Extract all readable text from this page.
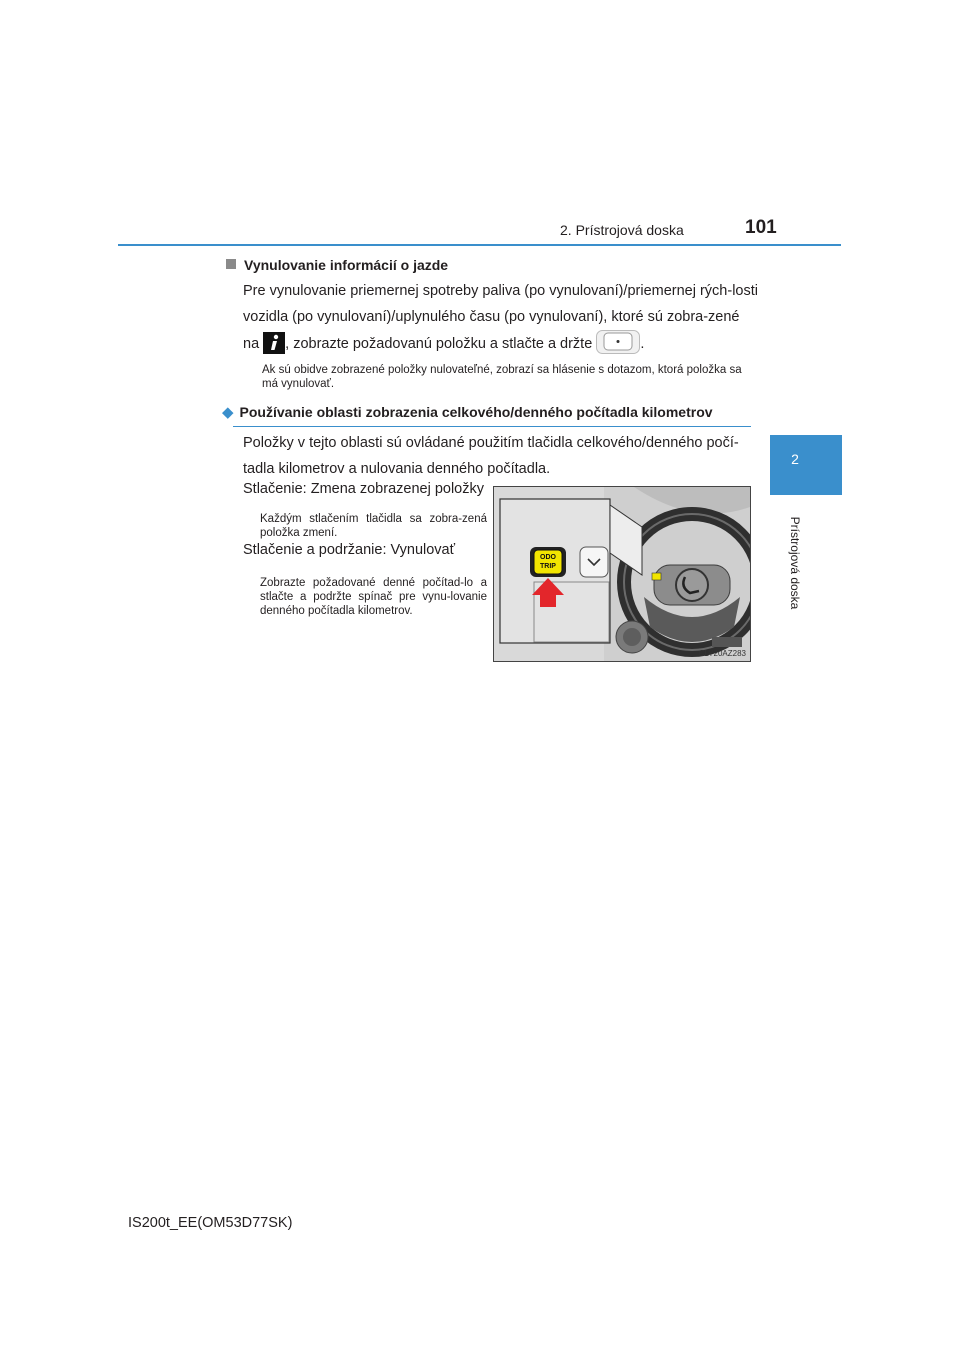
2. Prístrojová doska	101
2
Prístrojová doska
Vynulovanie informácií o jazde
Pre vynulovanie priemernej spotreby paliva (po vynulovaní)/priemernej rých-losti vozidla (po vynulovaní)/uplynulého času (po vynulovaní), ktoré sú zobra-zené na , zobrazte požadovanú položku a stlačte a držte	.
Ak sú obidve zobrazené položky nulovateľné, zobrazí sa hlásenie s dotazom, ktorá položka sa má vynulovať.
◆ Používanie oblasti zobrazenia celkového/denného počítadla kilometrov
Položky v tejto oblasti sú ovládané použitím tlačidla celkového/denného počí-tadla kilometrov a nulovania denného počítadla.
Stlačenie: Zmena zobrazenej položky
Každým stlačením tlačidla sa zobra-zená položka zmení.
Stlačenie a podržanie: Vynulovať
Zobrazte požadované denné počítad-lo a stlačte a podržte spínač pre vynu-lovanie denného počítadla kilometrov.
ODO
TRIP
CLY20AZ283
IS200t_EE(OM53D77SK)
